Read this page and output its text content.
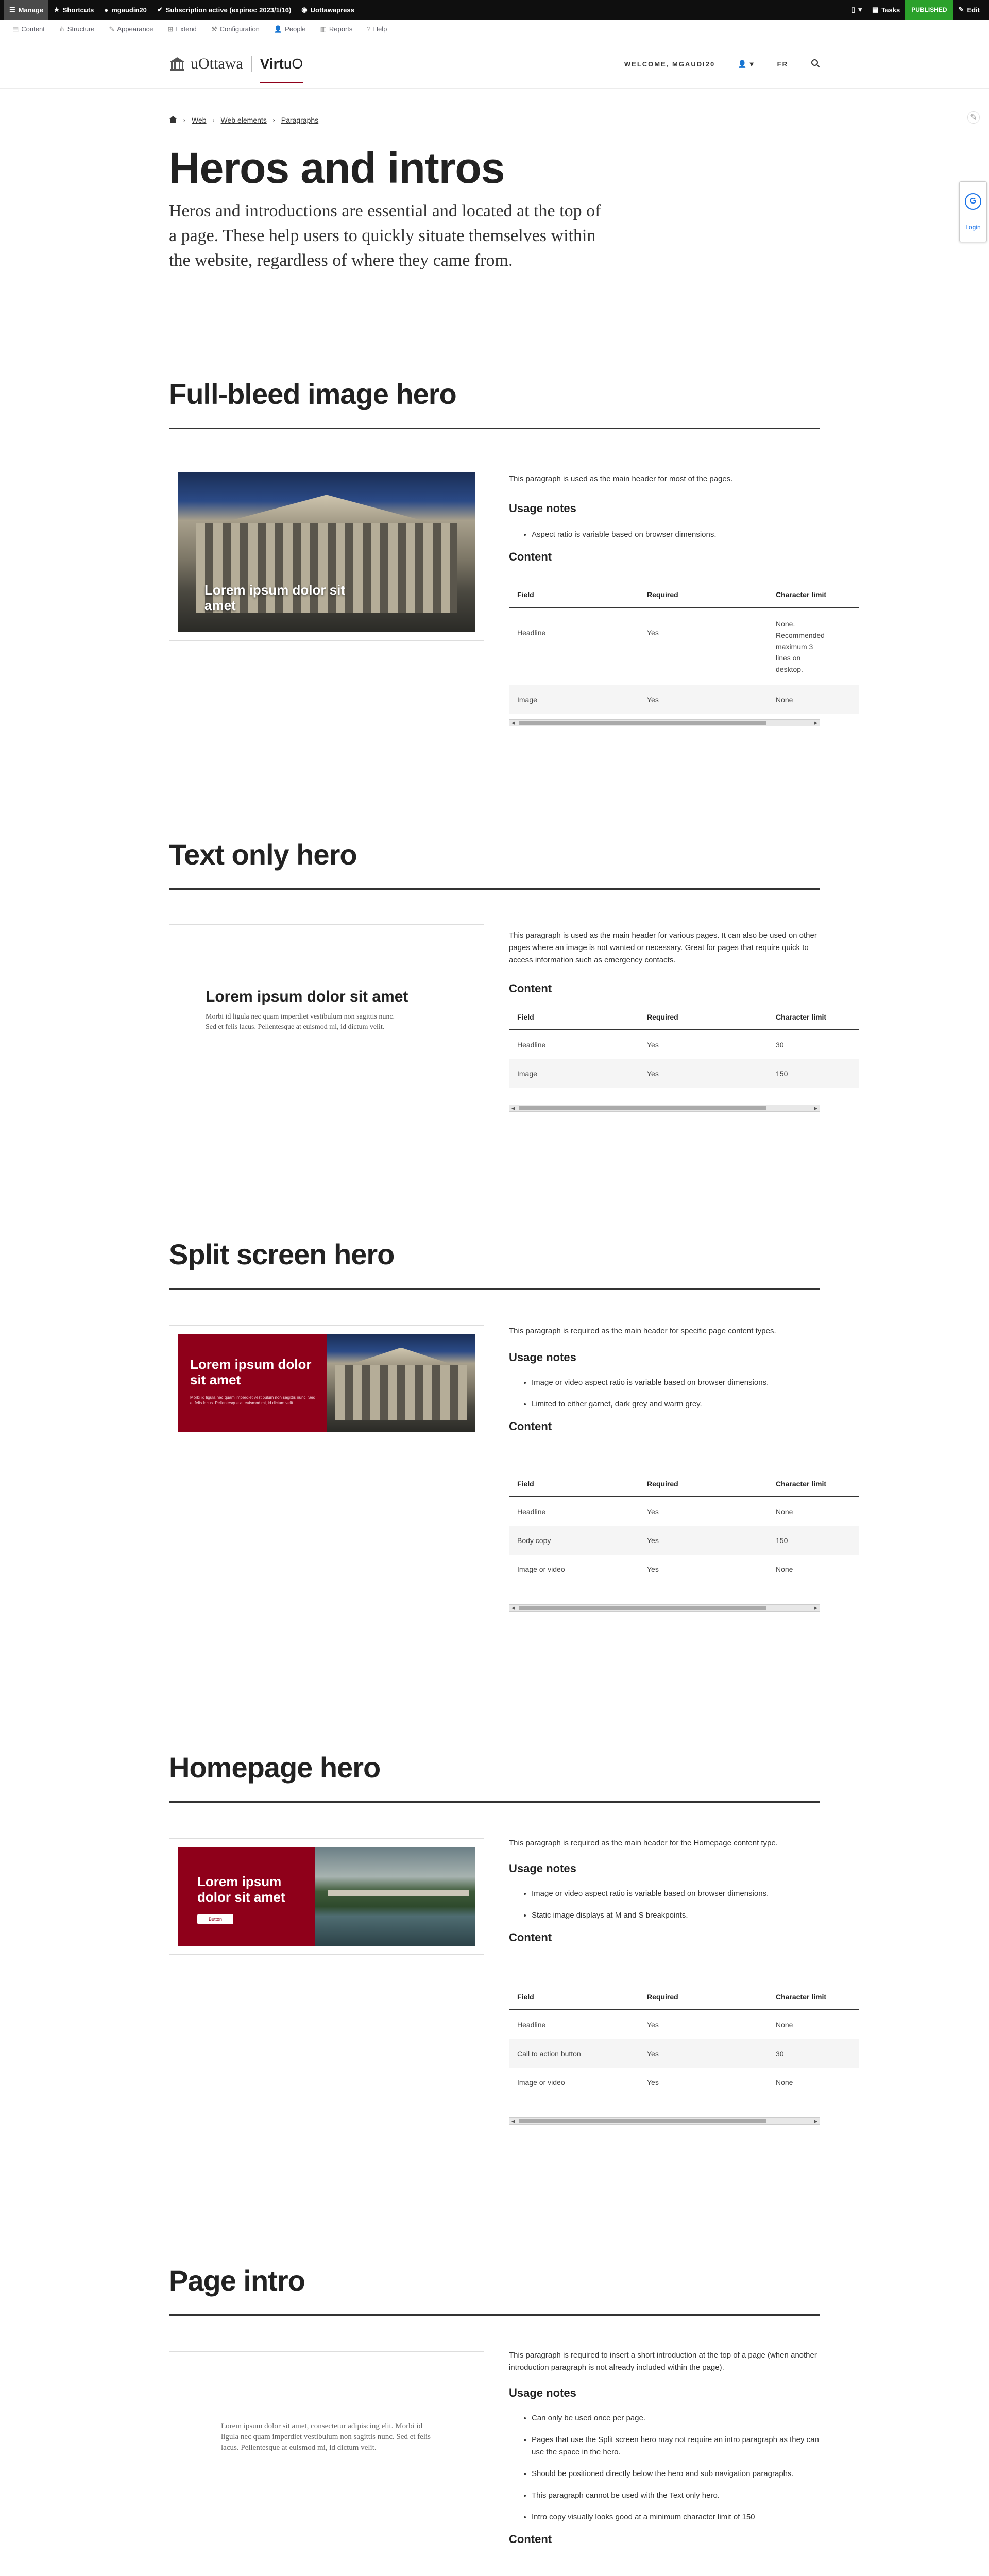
☰ Manage ★ Shortcuts ● mgaudin20 ✔ Subscription active (expires: 2023/1/16) ◉ Uottawapress	▯ ▾ ▤ Tasks	PUBLISHED	✎ Edit
▤ Content ⋔ Structure ✎ Appearance ⊞ Extend ⚒ Configuration 👤 People ▥ Reports ? Help
uOttawa VirtuO	WELCOME, MGAUDI20	👤 ▾	FR
✎
G
Login
› Web › Web elements › Paragraphs
Heros and intros

Heros and introductions are essential and located at the top of a page. These help users to quickly situate themselves within the website, regardless of where they came from.

Full-bleed image hero
Lorem ipsum dolor sit amet

This paragraph is used as the main header for most of the pages.

Usage notes
• Aspect ratio is variable based on browser dimensions.
Content
Field	Required	Character limit
Headline	Yes	None. Recommended maximum 3 lines on desktop.
Image	Yes	None
◀	▶
Text only hero
Lorem ipsum dolor sit amet
Morbi id ligula nec quam imperdiet vestibulum non sagittis nunc. Sed et felis lacus. Pellentesque at euismod mi, id dictum velit.

This paragraph is used as the main header for various pages. It can also be used on other pages where an image is not wanted or necessary. Great for pages that require quick to access information such as emergency contacts.

Content
Field	Required	Character limit
Headline	Yes	30
Image	Yes	150
◀	▶
Split screen hero
Lorem ipsum dolor sit amet
Morbi id ligula nec quam imperdiet vestibulum non sagittis nunc. Sed et felis lacus. Pellentesque at euismod mi, id dictum velit.

This paragraph is required as the main header for specific page content types.

Usage notes
• Image or video aspect ratio is variable based on browser dimensions.
• Limited to either garnet, dark grey and warm grey.
Content
Field	Required	Character limit
Headline	Yes	None
Body copy	Yes	150
Image or video	Yes	None
◀	▶
Homepage hero
Lorem ipsum dolor sit amet
Button

This paragraph is required as the main header for the Homepage content type.

Usage notes
• Image or video aspect ratio is variable based on browser dimensions.
• Static image displays at M and S breakpoints.
Content
Field	Required	Character limit
Headline	Yes	None
Call to action button	Yes	30
Image or video	Yes	None
◀	▶
Page intro

Lorem ipsum dolor sit amet, consectetur adipiscing elit. Morbi id ligula nec quam imperdiet vestibulum non sagittis nunc. Sed et felis lacus. Pellentesque at euismod mi, id dictum velit.

This paragraph is required to insert a short introduction at the top of a page (when another introduction paragraph is not already included within the page).

Usage notes
• Can only be used once per page.
• Pages that use the Split screen hero may not require an intro paragraph as they can use the space in the hero.
• Should be positioned directly below the hero and sub navigation paragraphs.
• This paragraph cannot be used with the Text only hero.
• Intro copy visually looks good at a minimum character limit of 150
Content
